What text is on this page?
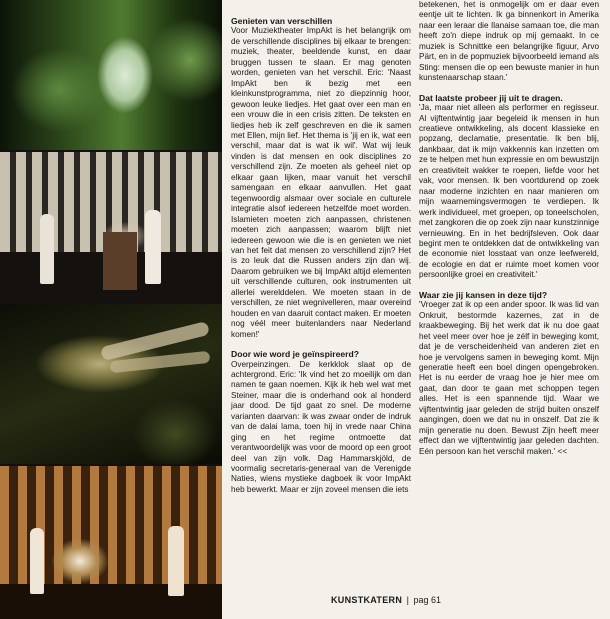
Genieten van verschillen

Voor Muziektheater ImpAkt is het belangrijk om de verschillende disciplines bij elkaar te brengen: muziek, theater, beeldende kunst, en daar bruggen tussen te slaan. Er mag genoten worden, genieten van het verschil. Eric: 'Naast ImpAkt ben ik bezig met een kleinkunstprogramma, niet zo diepzinnig hoor, gewoon leuke liedjes. Het gaat over een man en een vrouw die in een crisis zitten. De teksten en liedjes heb ik zelf geschreven en die ik samen met Ellen, mijn lief. Het thema is 'jij en ik, wat een verschil, maar dat is wat ik wil'. Wat wij leuk vinden is dat mensen en ook disciplines zo verschillend zijn. Ze moeten als geheel niet op elkaar gaan lijken, maar vanuit het verschil samengaan en elkaar aanvullen. Het gaat tegenwoordig alsmaar over sociale en culturele integratie alsof iedereen hetzelfde moet worden. Islamieten moeten zich aanpassen, christenen moeten zich aanpassen; waarom blijft niet iedereen gewoon wie die is en genieten we niet van het feit dat mensen zo verschillend zijn? Het is zo leuk dat die Russen anders zijn dan wij. Daarom gebruiken we bij ImpAkt altijd elementen uit verschillende culturen, ook instrumenten uit allerlei werelddelen. We moeten staan in de verschillen, ze niet wegnivelleren, maar overeind houden en van daaruit contact maken. Er moeten nog véél meer buitenlanders naar Nederland komen!'

Door wie word je geïnspireerd?

Overpeinzingen. De kerkklok slaat op de achtergrond. Eric: 'Ik vind het zo moeilijk om dan namen te gaan noemen. Kijk ik heb wel wat met Steiner, maar die is onderhand ook al honderd jaar dood. De tijd gaat zo snel. De moderne varianten daarvan: ik was zwaar onder de indruk van de dalai lama, toen hij in vrede naar China ging en het regime ontmoette dat verantwoordelijk was voor de moord op een groot deel van zijn volk. Dag Hammarskjöld, de voormalig secretaris-generaal van de Verenigde Naties, wiens mystieke dagboek ik voor ImpAkt heb bewerkt. Maar er zijn zoveel mensen die iets

betekenen, het is onmogelijk om er daar even eentje uit te lichten. Ik ga binnenkort in Amerika naar een leraar die Ilanaise samaan toe, die man heeft zo'n diepe indruk op mij gemaakt. In ce muziek is Schnittke een belangrijke figuur, Arvo Pärt, en in de popmuziek bijvoorbeeld iemand als Sting: mensen die op een bewuste manier in hun kunstenaarschap staan.'

Dat laatste probeer jij uit te dragen.

'Ja, maar niet alleen als performer en regisseur. Al vijftentwintig jaar begeleid ik mensen in hun creatieve ontwikkeling, als docent klassieke en popzang, declamatie, presentatie. Ik ben blij, dankbaar, dat ik mijn vakkennis kan inzetten om ze te helpen met hun expressie en om bewustzijn en creativiteit wakker te roepen, liefde voor het vak, voor mensen. Ik ben voortdurend op zoek naar moderne inzichten en naar manieren om mijn waarnemingsvermogen te verdiepen. Ik werk individueel, met groepen, op toneelscholen, met zangkoren die op zoek zijn naar kunstzinnige vernieuwing. En in het bedrijfsleven. Ook daar begint men te ontdekken dat de ontwikkeling van de economie niet losstaat van onze leefwereld, de ecologie en dat er ruimte moet komen voor persoonlijke groei en creativiteit.'

Waar zie jij kansen in deze tijd?

'Vroeger zat ik op een ander spoor. Ik was lid van Onkruit, bestormde kazernes, zat in de kraakbeweging. Bij het werk dat ik nu doe gaat het veel meer over hoe je zélf in beweging komt, dat je de verscheidenheid van anderen ziet en hoe je vervolgens samen in beweging komt. Mijn generatie heeft een boel dingen opengebroken. Het is nu eerder de vraag hoe je hier mee om gaat, dan door te gaan met schoppen tegen alles. Het is een spannende tijd. Waar we vijftentwintig jaar geleden de strijd buiten onszelf aangingen, doen we dat nu in onszelf. Dat zie ik mijn generatie nu doen. Bewust Zijn heeft meer effect dan we vijftentwintig jaar geleden dachten. Eén persoon kan het verschil maken.' <<

KUNSTKATERN | pag 61
